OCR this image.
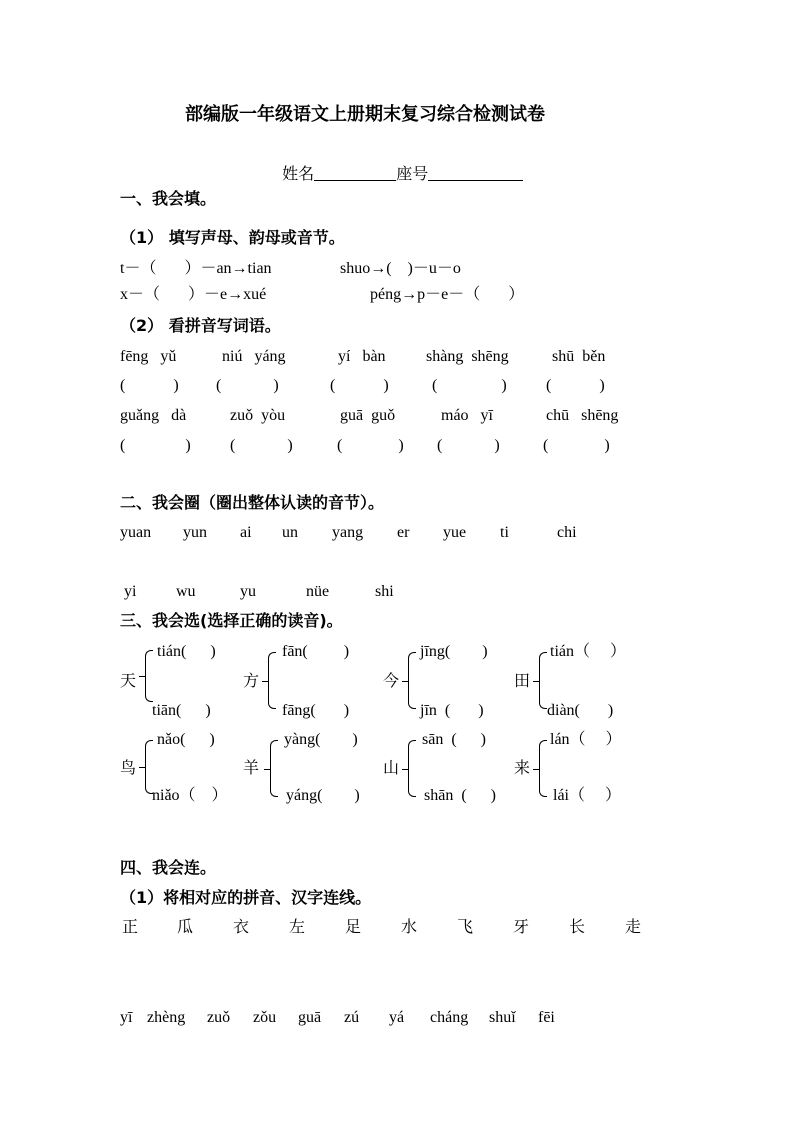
部编版一年级语文上册期末复习综合检测试卷

姓名	座号

一、我会填。
（1） 填写声母、韵母或音节。
t－（       ）－an→tian	shuo→(    )－u－o
x－（       ）－e→xué	péng→p－e－（       ）
（2） 看拼音写词语。
fēng   yǔ	niú   yáng	yí   bàn	shàng  shēng	shū  běn
(            ) (             )	(            )	(                ) (            )
guǎng   dà	zuǒ  yòu	guā  guǒ	máo   yī	chū   shēng
(               ) (             )	(              ) (             )	(              )
二、我会圈（圈出整体认读的音节）。
yuan yun ai un yang er yue ti	chi
yi wu	yu	nüe	shi
三、我会选(选择正确的读音)。
天
tián(      )
tiān(      )
方
fān(         )
fāng(       )
今
jīng(        )
jīn  (       )
田
tián（     ）
diàn(       )
鸟
nǎo(      )
niǎo（    ）
羊
yàng(        )
yáng(        )
山
sān  (      )
shān  (      )
来
lán（     ）
lái（     ）
四、我会连。
（1）将相对应的拼音、汉字连线。
正 瓜 衣 左 足 水 飞 牙 长 走
yī zhèng zuǒ zǒu guā zú yá cháng shuǐ fēi
